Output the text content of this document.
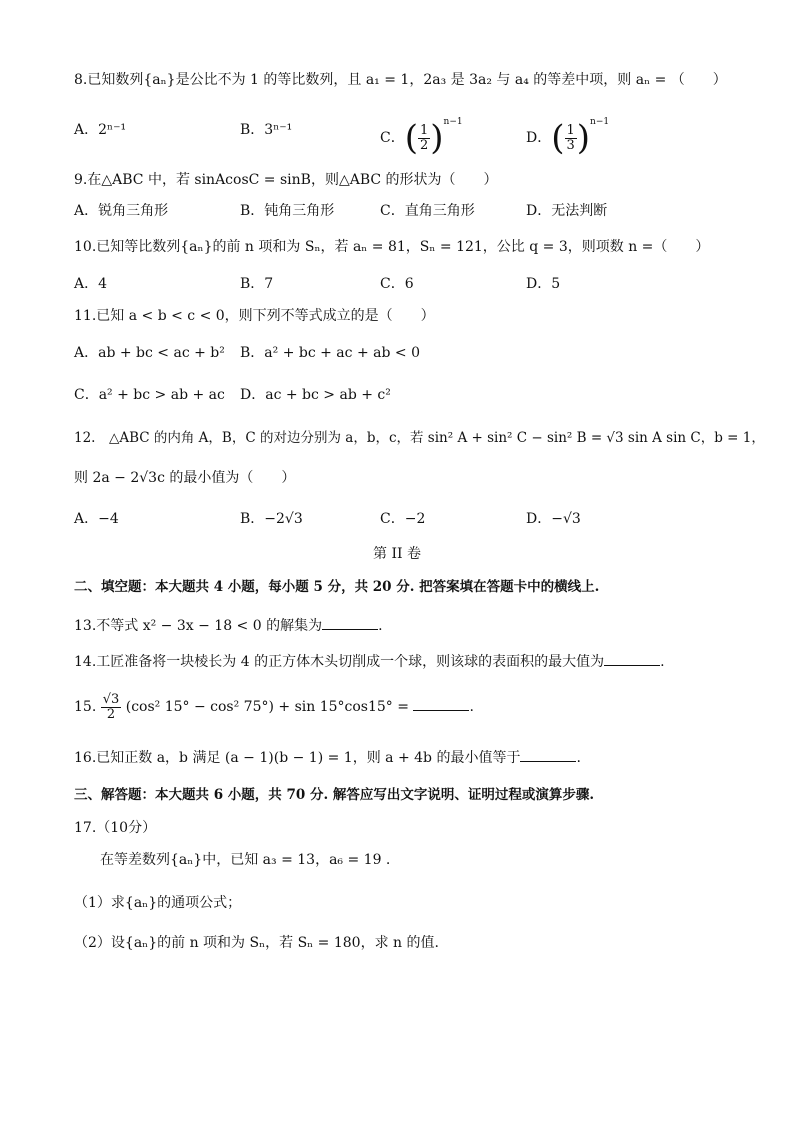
8.已知数列{aₙ}是公比不为 1 的等比数列，且 a₁ = 1，2a₃ 是 3a₂ 与 a₄ 的等差中项，则 aₙ = （　　）
A．2ⁿ⁻¹	B．3ⁿ⁻¹	C．( $\frac{1}{2} )^{n-1}$
D．( $\frac{1}{3} )^{n-1}$
9.在△ABC 中，若 sinAcosC = sinB，则△ABC 的形状为（　　）
A．锐角三角形	B．钝角三角形	C．直角三角形	D．无法判断
10.已知等比数列{aₙ}的前 n 项和为 Sₙ，若 aₙ = 81，Sₙ = 121，公比 q = 3，则项数 n =（　　）
A．4	B．7	C．6	D．5
11.已知 a < b < c < 0，则下列不等式成立的是（　　）
A．ab + bc < ac + b² B．a² + bc + ac + ab < 0
C．a² + bc > ab + ac D．ac + bc > ab + c²
12.　△ABC 的内角 A，B，C 的对边分别为 a，b，c，若 sin² A + sin² C − sin² B = √3 sin A sin C，b = 1，
则 2a − 2√3c 的最小值为（　　）
A．−4	B．−2√3	C．−2	D．−√3
第 II 卷
二、填空题：本大题共 4 小题，每小题 5 分，共 20 分. 把答案填在答题卡中的横线上.
13.不等式 x² − 3x − 18 < 0 的解集为	.
14.工匠准备将一块棱长为 4 的正方体木头切削成一个球，则该球的表面积的最大值为	.
15. $\frac{√3}{2} (\cos^2$ 15° − cos² 75°) + sin 15°cos15° =	.
16.已知正数 a，b 满足 (a − 1)(b − 1) = 1，则 a + 4b 的最小值等于	.
三、解答题：本大题共 6 小题，共 70 分. 解答应写出文字说明、证明过程或演算步骤.
17.（10分）
在等差数列{aₙ}中，已知 a₃ = 13，a₆ = 19 .
（1）求{aₙ}的通项公式；
（2）设{aₙ}的前 n 项和为 Sₙ，若 Sₙ = 180，求 n 的值.
